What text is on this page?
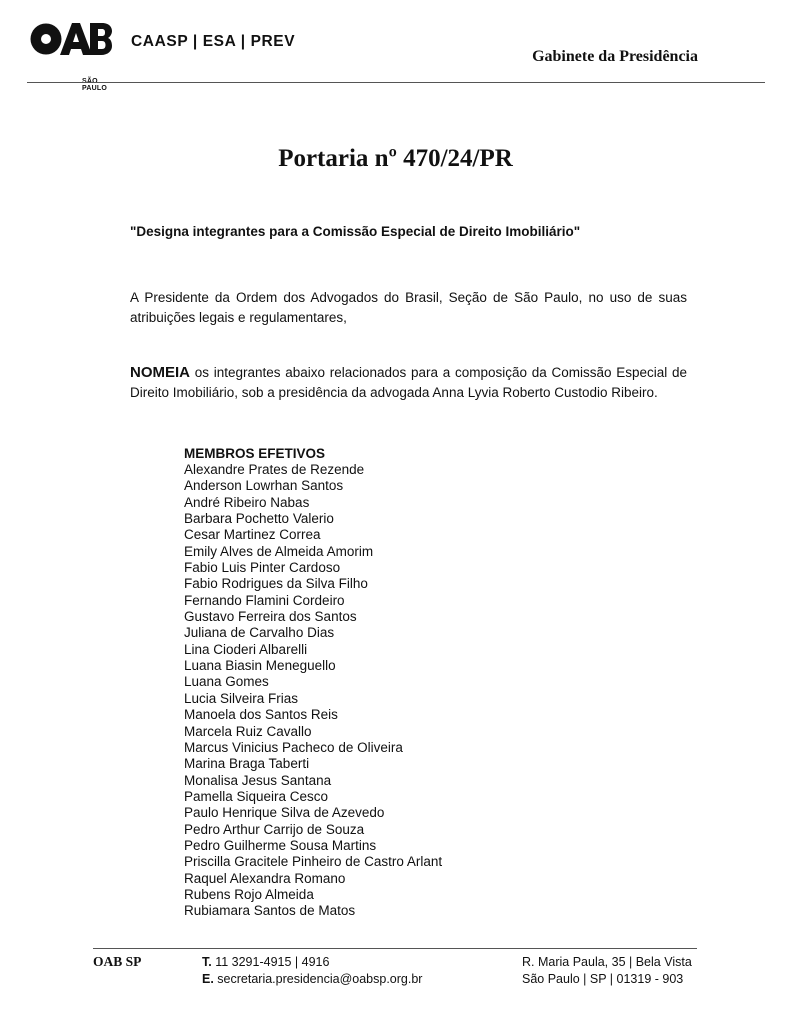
SÃO PAULO
CAASP | ESA | PREV
Gabinete da Presidência
Portaria nº 470/24/PR
"Designa integrantes para a Comissão Especial de Direito Imobiliário"
A Presidente da Ordem dos Advogados do Brasil, Seção de São Paulo, no uso de suas atribuições legais e regulamentares,
NOMEIA os integrantes abaixo relacionados para a composição da Comissão Especial de Direito Imobiliário, sob a presidência da advogada Anna Lyvia Roberto Custodio Ribeiro.
MEMBROS EFETIVOS
Alexandre Prates de Rezende
Anderson Lowrhan Santos
André Ribeiro Nabas
Barbara Pochetto Valerio
Cesar Martinez Correa
Emily Alves de Almeida Amorim
Fabio Luis Pinter Cardoso
Fabio Rodrigues da Silva Filho
Fernando Flamini Cordeiro
Gustavo Ferreira dos Santos
Juliana de Carvalho Dias
Lina Cioderi Albarelli
Luana Biasin Meneguello
Luana Gomes
Lucia Silveira Frias
Manoela dos Santos Reis
Marcela Ruiz Cavallo
Marcus Vinicius Pacheco de Oliveira
Marina Braga Taberti
Monalisa Jesus Santana
Pamella Siqueira Cesco
Paulo Henrique Silva de Azevedo
Pedro Arthur Carrijo de Souza
Pedro Guilherme Sousa Martins
Priscilla Gracitele Pinheiro de Castro Arlant
Raquel Alexandra Romano
Rubens Rojo Almeida
Rubiamara Santos de Matos
OAB SP	T. 11 3291-4915 | 4916
E. secretaria.presidencia@oabsp.org.br
R. Maria Paula, 35 | Bela Vista
São Paulo | SP | 01319 - 903
